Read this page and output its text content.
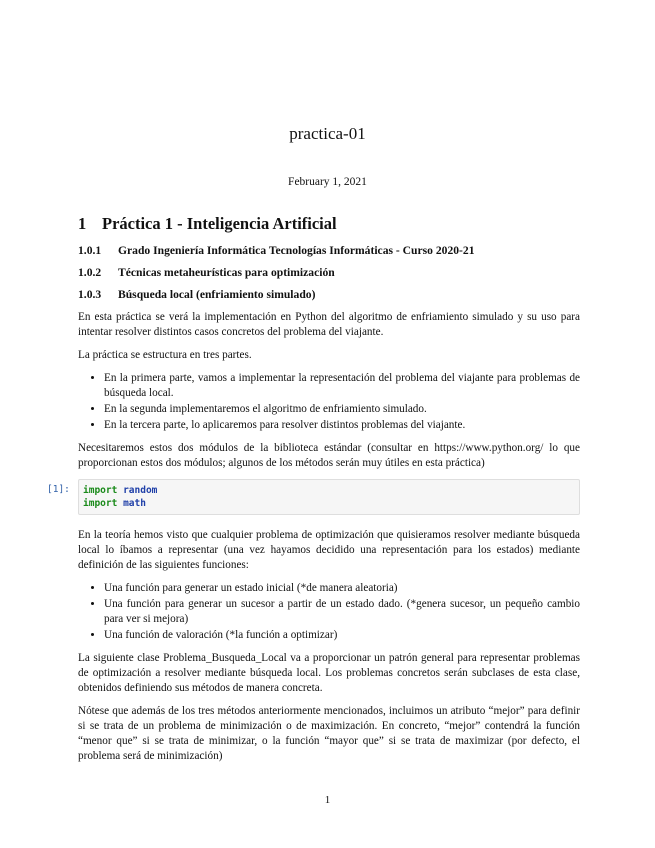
practica-01
February 1, 2021
1 Práctica 1 - Inteligencia Artificial
1.0.1	Grado Ingeniería Informática Tecnologías Informáticas - Curso 2020-21
1.0.2	Técnicas metaheurísticas para optimización
1.0.3	Búsqueda local (enfriamiento simulado)

En esta práctica se verá la implementación en Python del algoritmo de enfriamiento simulado y su uso para intentar resolver distintos casos concretos del problema del viajante.

La práctica se estructura en tres partes.

• En la primera parte, vamos a implementar la representación del problema del viajante para problemas de búsqueda local.
• En la segunda implementaremos el algoritmo de enfriamiento simulado.
• En la tercera parte, lo aplicaremos para resolver distintos problemas del viajante.

Necesitaremos estos dos módulos de la biblioteca estándar (consultar en https://www.python.org/ lo que proporcionan estos dos módulos; algunos de los métodos serán muy útiles en esta práctica)

[1]: import random
import math

En la teoría hemos visto que cualquier problema de optimización que quisieramos resolver mediante búsqueda local lo íbamos a representar (una vez hayamos decidido una representación para los estados) mediante definición de las siguientes funciones:

• Una función para generar un estado inicial (*de manera aleatoria)
• Una función para generar un sucesor a partir de un estado dado. (*genera sucesor, un pequeño cambio para ver si mejora)
• Una función de valoración (*la función a optimizar)

La siguiente clase Problema_Busqueda_Local va a proporcionar un patrón general para representar problemas de optimización a resolver mediante búsqueda local. Los problemas concretos serán subclases de esta clase, obtenidos definiendo sus métodos de manera concreta.

Nótese que además de los tres métodos anteriormente mencionados, incluimos un atributo “mejor” para definir si se trata de un problema de minimización o de maximización. En concreto, “mejor” contendrá la función “menor que” si se trata de minimizar, o la función “mayor que” si se trata de maximizar (por defecto, el problema será de minimización)

1
